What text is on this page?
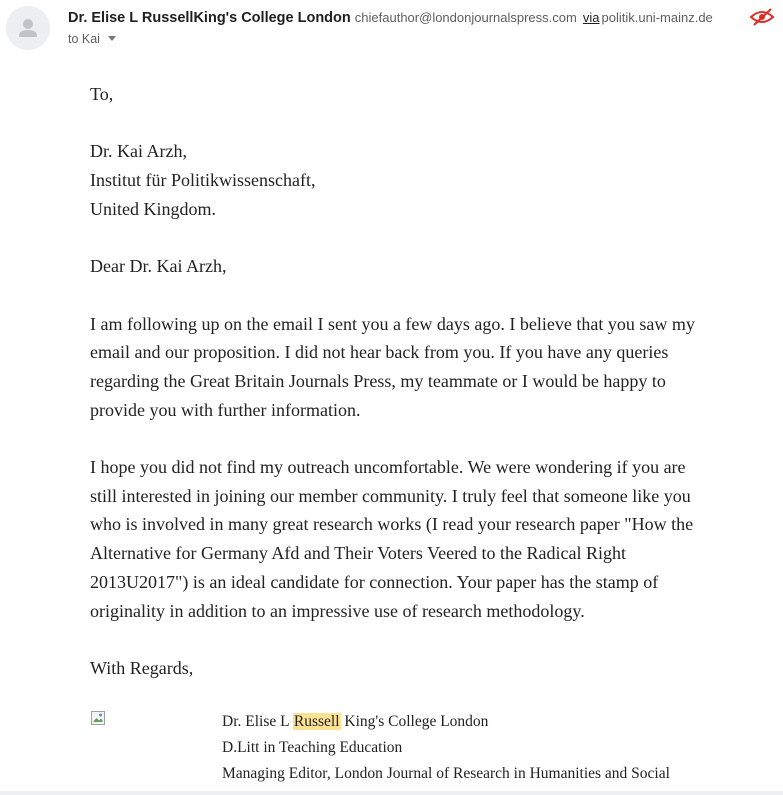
Dr. Elise L RussellKing's College London chiefauthor@londonjournalspress.com via politik.uni-mainz.de
to Kai

To,

Dr. Kai Arzh,
Institut für Politikwissenschaft,
United Kingdom.

Dear Dr. Kai Arzh,

I am following up on the email I sent you a few days ago. I believe that you saw my email and our proposition. I did not hear back from you. If you have any queries regarding the Great Britain Journals Press, my teammate or I would be happy to provide you with further information.

I hope you did not find my outreach uncomfortable. We were wondering if you are still interested in joining our member community. I truly feel that someone like you who is involved in many great research works (I read your research paper "How the Alternative for Germany Afd and Their Voters Veered to the Radical Right 2013U2017") is an ideal candidate for connection. Your paper has the stamp of originality in addition to an impressive use of research methodology.

With Regards,

Dr. Elise L Russell King's College London
D.Litt in Teaching Education
Managing Editor, London Journal of Research in Humanities and Social
